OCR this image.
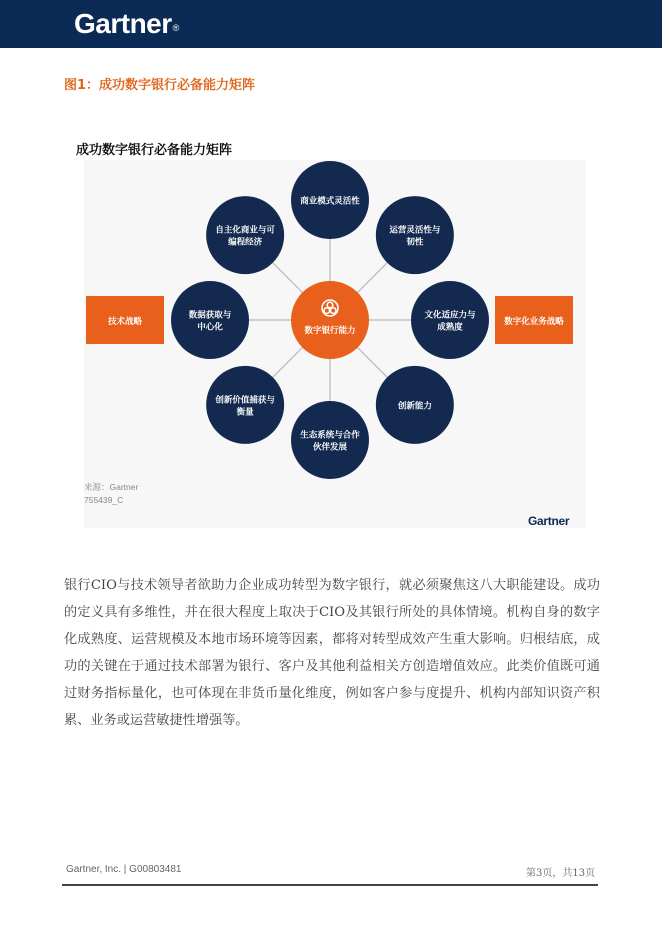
Gartner®
图1：成功数字银行必备能力矩阵
成功数字银行必备能力矩阵
技术战略	数字化业务战略
商业模式灵活性
运营灵活性与
韧性
文化适应力与
成熟度
创新能力
生态系统与合作
伙伴发展
创新价值捕获与
衡量
数据获取与
中心化
自主化商业与可
编程经济
数字银行能力
来源：Gartner
755439_C
Gartner
银行CIO与技术领导者欲助力企业成功转型为数字银行，就必须聚焦这八大职能建设。成功的定义具有多维性，并在很大程度上取决于CIO及其银行所处的具体情境。机构自身的数字化成熟度、运营规模及本地市场环境等因素，都将对转型成效产生重大影响。归根结底，成功的关键在于通过技术部署为银行、客户及其他利益相关方创造增值效应。此类价值既可通过财务指标量化，也可体现在非货币量化维度，例如客户参与度提升、机构内部知识资产积累、业务或运营敏捷性增强等。
Gartner, Inc. | G00803481	第3页，共13页
